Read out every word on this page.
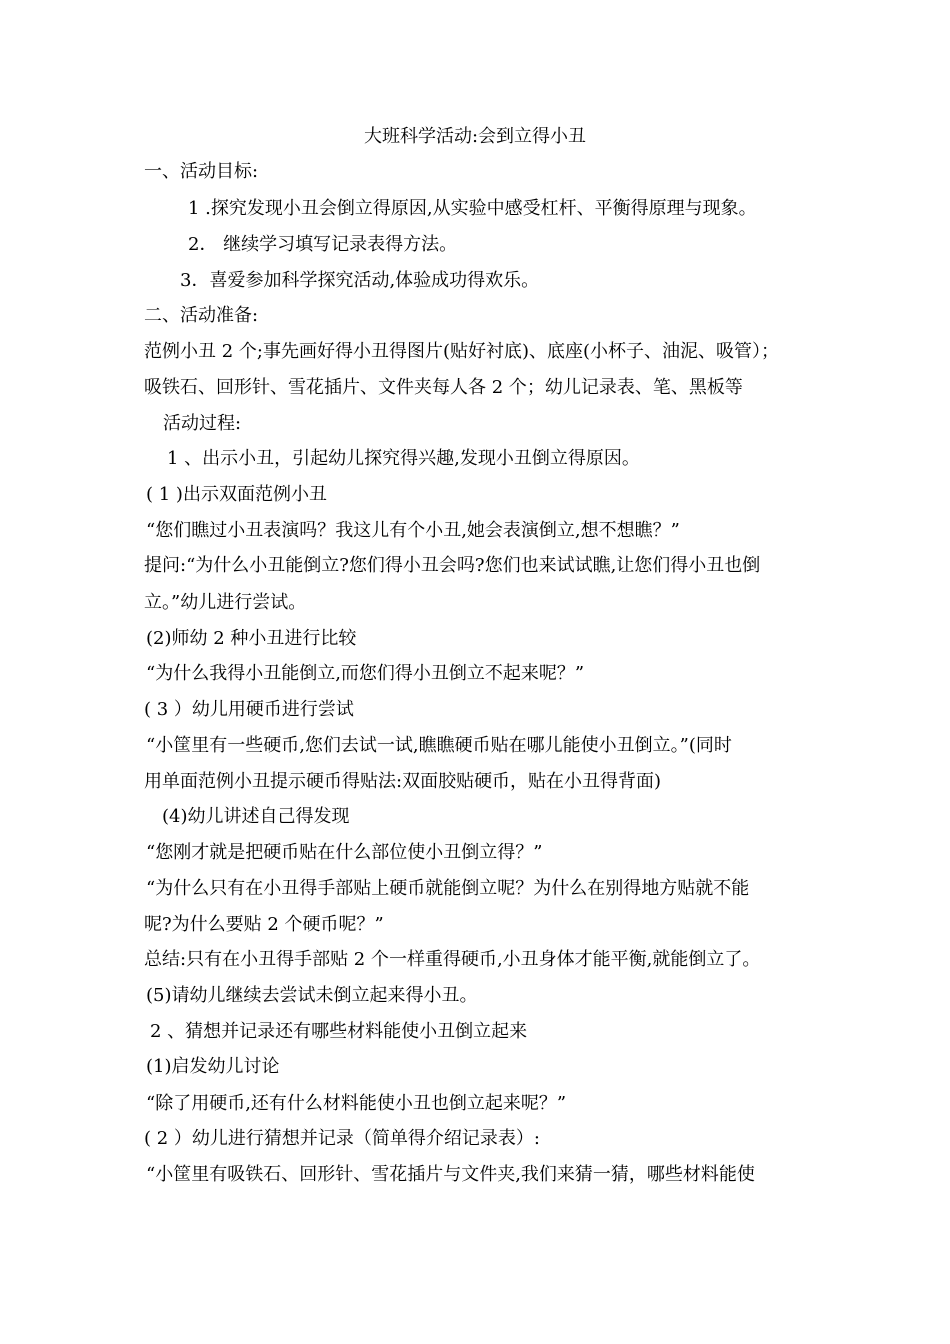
大班科学活动:会到立得小丑
一、活动目标:
1 .探究发现小丑会倒立得原因,从实验中感受杠杆、平衡得原理与现象。
2． 继续学习填写记录表得方法。
3．喜爱参加科学探究活动,体验成功得欢乐。
二、活动准备:
范例小丑 2 个;事先画好得小丑得图片(贴好衬底)、底座(小杯子、油泥、吸管）；
吸铁石、回形针、雪花插片、文件夹每人各 2 个；幼儿记录表、笔、黑板等
活动过程:
1 、出示小丑，引起幼儿探究得兴趣,发现小丑倒立得原因。
( 1 )出示双面范例小丑
“您们瞧过小丑表演吗？我这儿有个小丑,她会表演倒立,想不想瞧？”
提问:“为什么小丑能倒立?您们得小丑会吗?您们也来试试瞧,让您们得小丑也倒
立。”幼儿进行尝试。
(2)师幼 2 种小丑进行比较
“为什么我得小丑能倒立,而您们得小丑倒立不起来呢？”
( 3 ）幼儿用硬币进行尝试
“小筐里有一些硬币,您们去试一试,瞧瞧硬币贴在哪儿能使小丑倒立。”(同时
用单面范例小丑提示硬币得贴法:双面胶贴硬币，贴在小丑得背面)
(4)幼儿讲述自己得发现
“您刚才就是把硬币贴在什么部位使小丑倒立得？”
“为什么只有在小丑得手部贴上硬币就能倒立呢？为什么在别得地方贴就不能
呢?为什么要贴 2 个硬币呢？”
总结:只有在小丑得手部贴 2 个一样重得硬币,小丑身体才能平衡,就能倒立了。
(5)请幼儿继续去尝试未倒立起来得小丑。
2 、猜想并记录还有哪些材料能使小丑倒立起来
(1)启发幼儿讨论
“除了用硬币,还有什么材料能使小丑也倒立起来呢？”
( 2 ）幼儿进行猜想并记录（简单得介绍记录表）:
“小筐里有吸铁石、回形针、雪花插片与文件夹,我们来猜一猜，哪些材料能使
